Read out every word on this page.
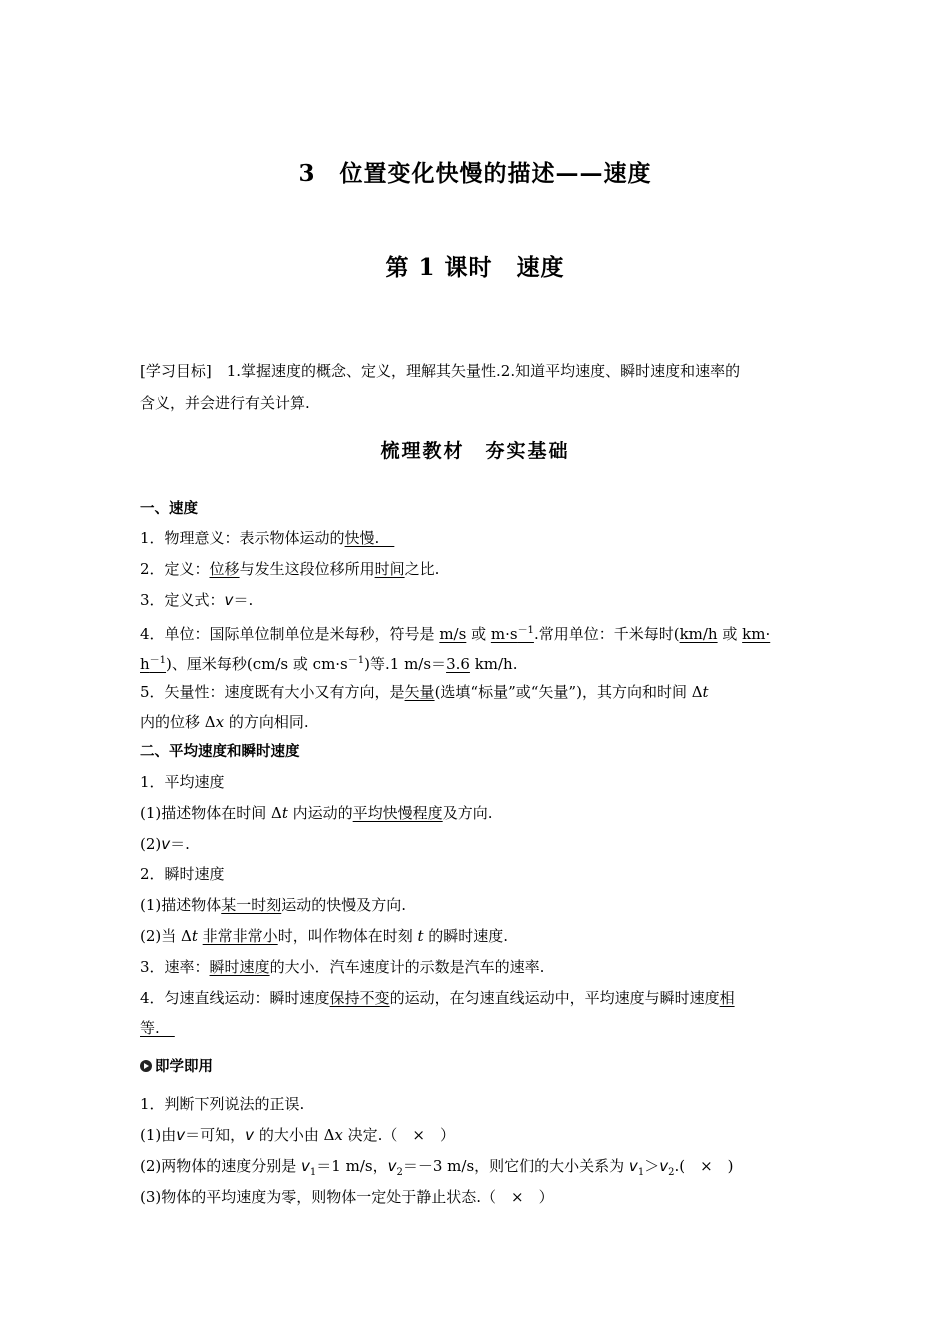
3　位置变化快慢的描述——速度
第 1 课时　速度
[学习目标]　1.掌握速度的概念、定义，理解其矢量性.2.知道平均速度、瞬时速度和速率的
含义，并会进行有关计算.
梳理教材　夯实基础
一、速度
1．物理意义：表示物体运动的快慢.　
2．定义：位移与发生这段位移所用时间之比.
3．定义式：v＝.
4．单位：国际单位制单位是米每秒，符号是 m/s 或 $m\cdot s^{-1}$.常用单位：千米每时(km/h 或 km·
$h^{-1}$)、厘米每秒(cm/s 或 $cm\cdot s^{-1}$)等.1 m/s＝3.6 km/h.
5．矢量性：速度既有大小又有方向，是矢量(选填“标量”或“矢量”)，其方向和时间 Δt
内的位移 Δx 的方向相同.
二、平均速度和瞬时速度
1．平均速度
(1)描述物体在时间 Δt 内运动的平均快慢程度及方向.
(2)v＝.
2．瞬时速度
(1)描述物体某一时刻运动的快慢及方向.
(2)当 Δt 非常非常小时，叫作物体在时刻 t 的瞬时速度.
3．速率：瞬时速度的大小．汽车速度计的示数是汽车的速率.
4．匀速直线运动：瞬时速度保持不变的运动，在匀速直线运动中，平均速度与瞬时速度相
等.　
即学即用
1．判断下列说法的正误.
(1)由v＝可知，v 的大小由 Δx 决定.（　×　）
(2)两物体的速度分别是 $v_1=1$ m/s，$v_2=-3$ m/s，则它们的大小关系为 $v_1>v_2$.(　×　)
(3)物体的平均速度为零，则物体一定处于静止状态.（　×　）
